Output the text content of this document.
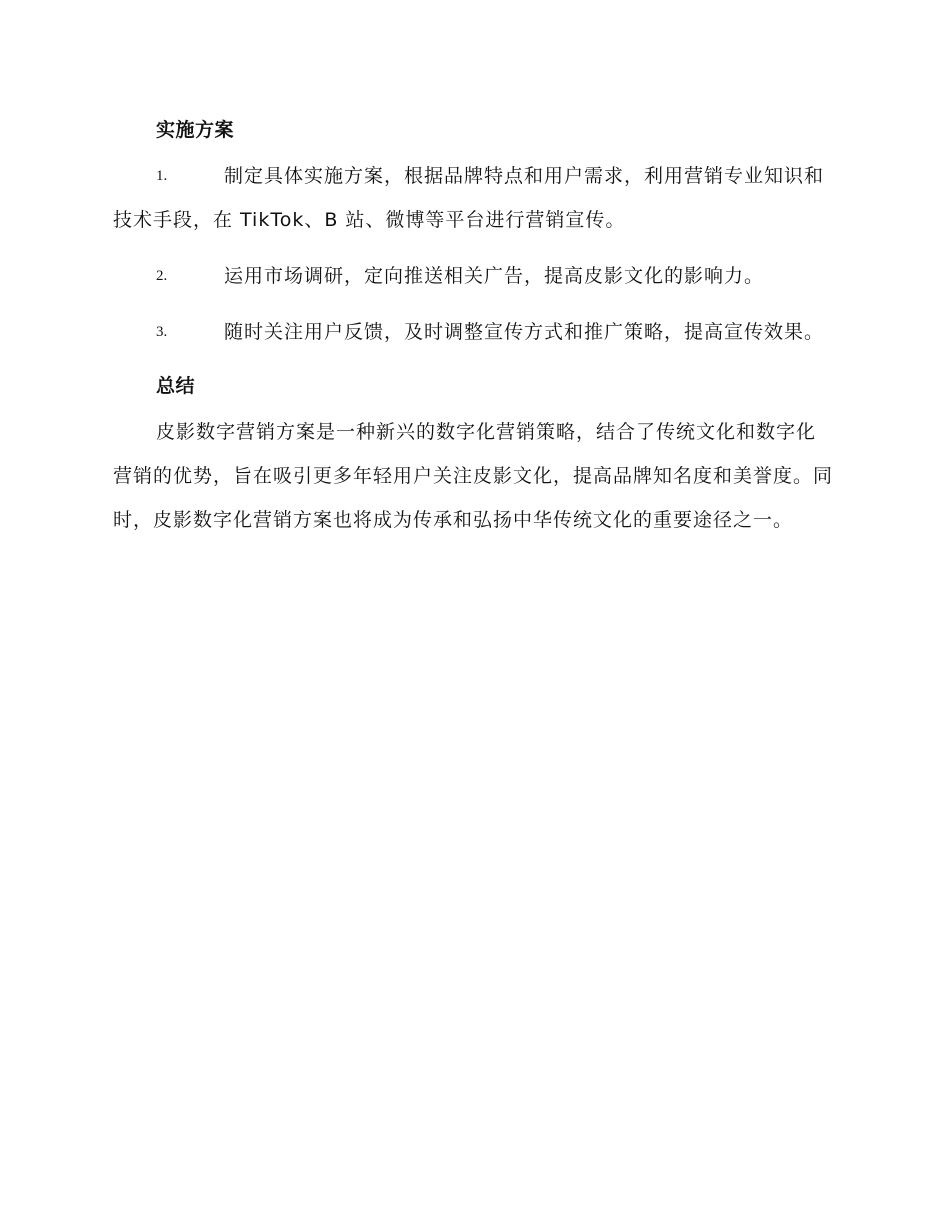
实施方案
1.	制定具体实施方案，根据品牌特点和用户需求，利用营销专业知识和技术手段，在 TikTok、B 站、微博等平台进行营销宣传。
2.	运用市场调研，定向推送相关广告，提高皮影文化的影响力。
3.	随时关注用户反馈，及时调整宣传方式和推广策略，提高宣传效果。
总结

皮影数字营销方案是一种新兴的数字化营销策略，结合了传统文化和数字化营销的优势，旨在吸引更多年轻用户关注皮影文化，提高品牌知名度和美誉度。同时，皮影数字化营销方案也将成为传承和弘扬中华传统文化的重要途径之一。
